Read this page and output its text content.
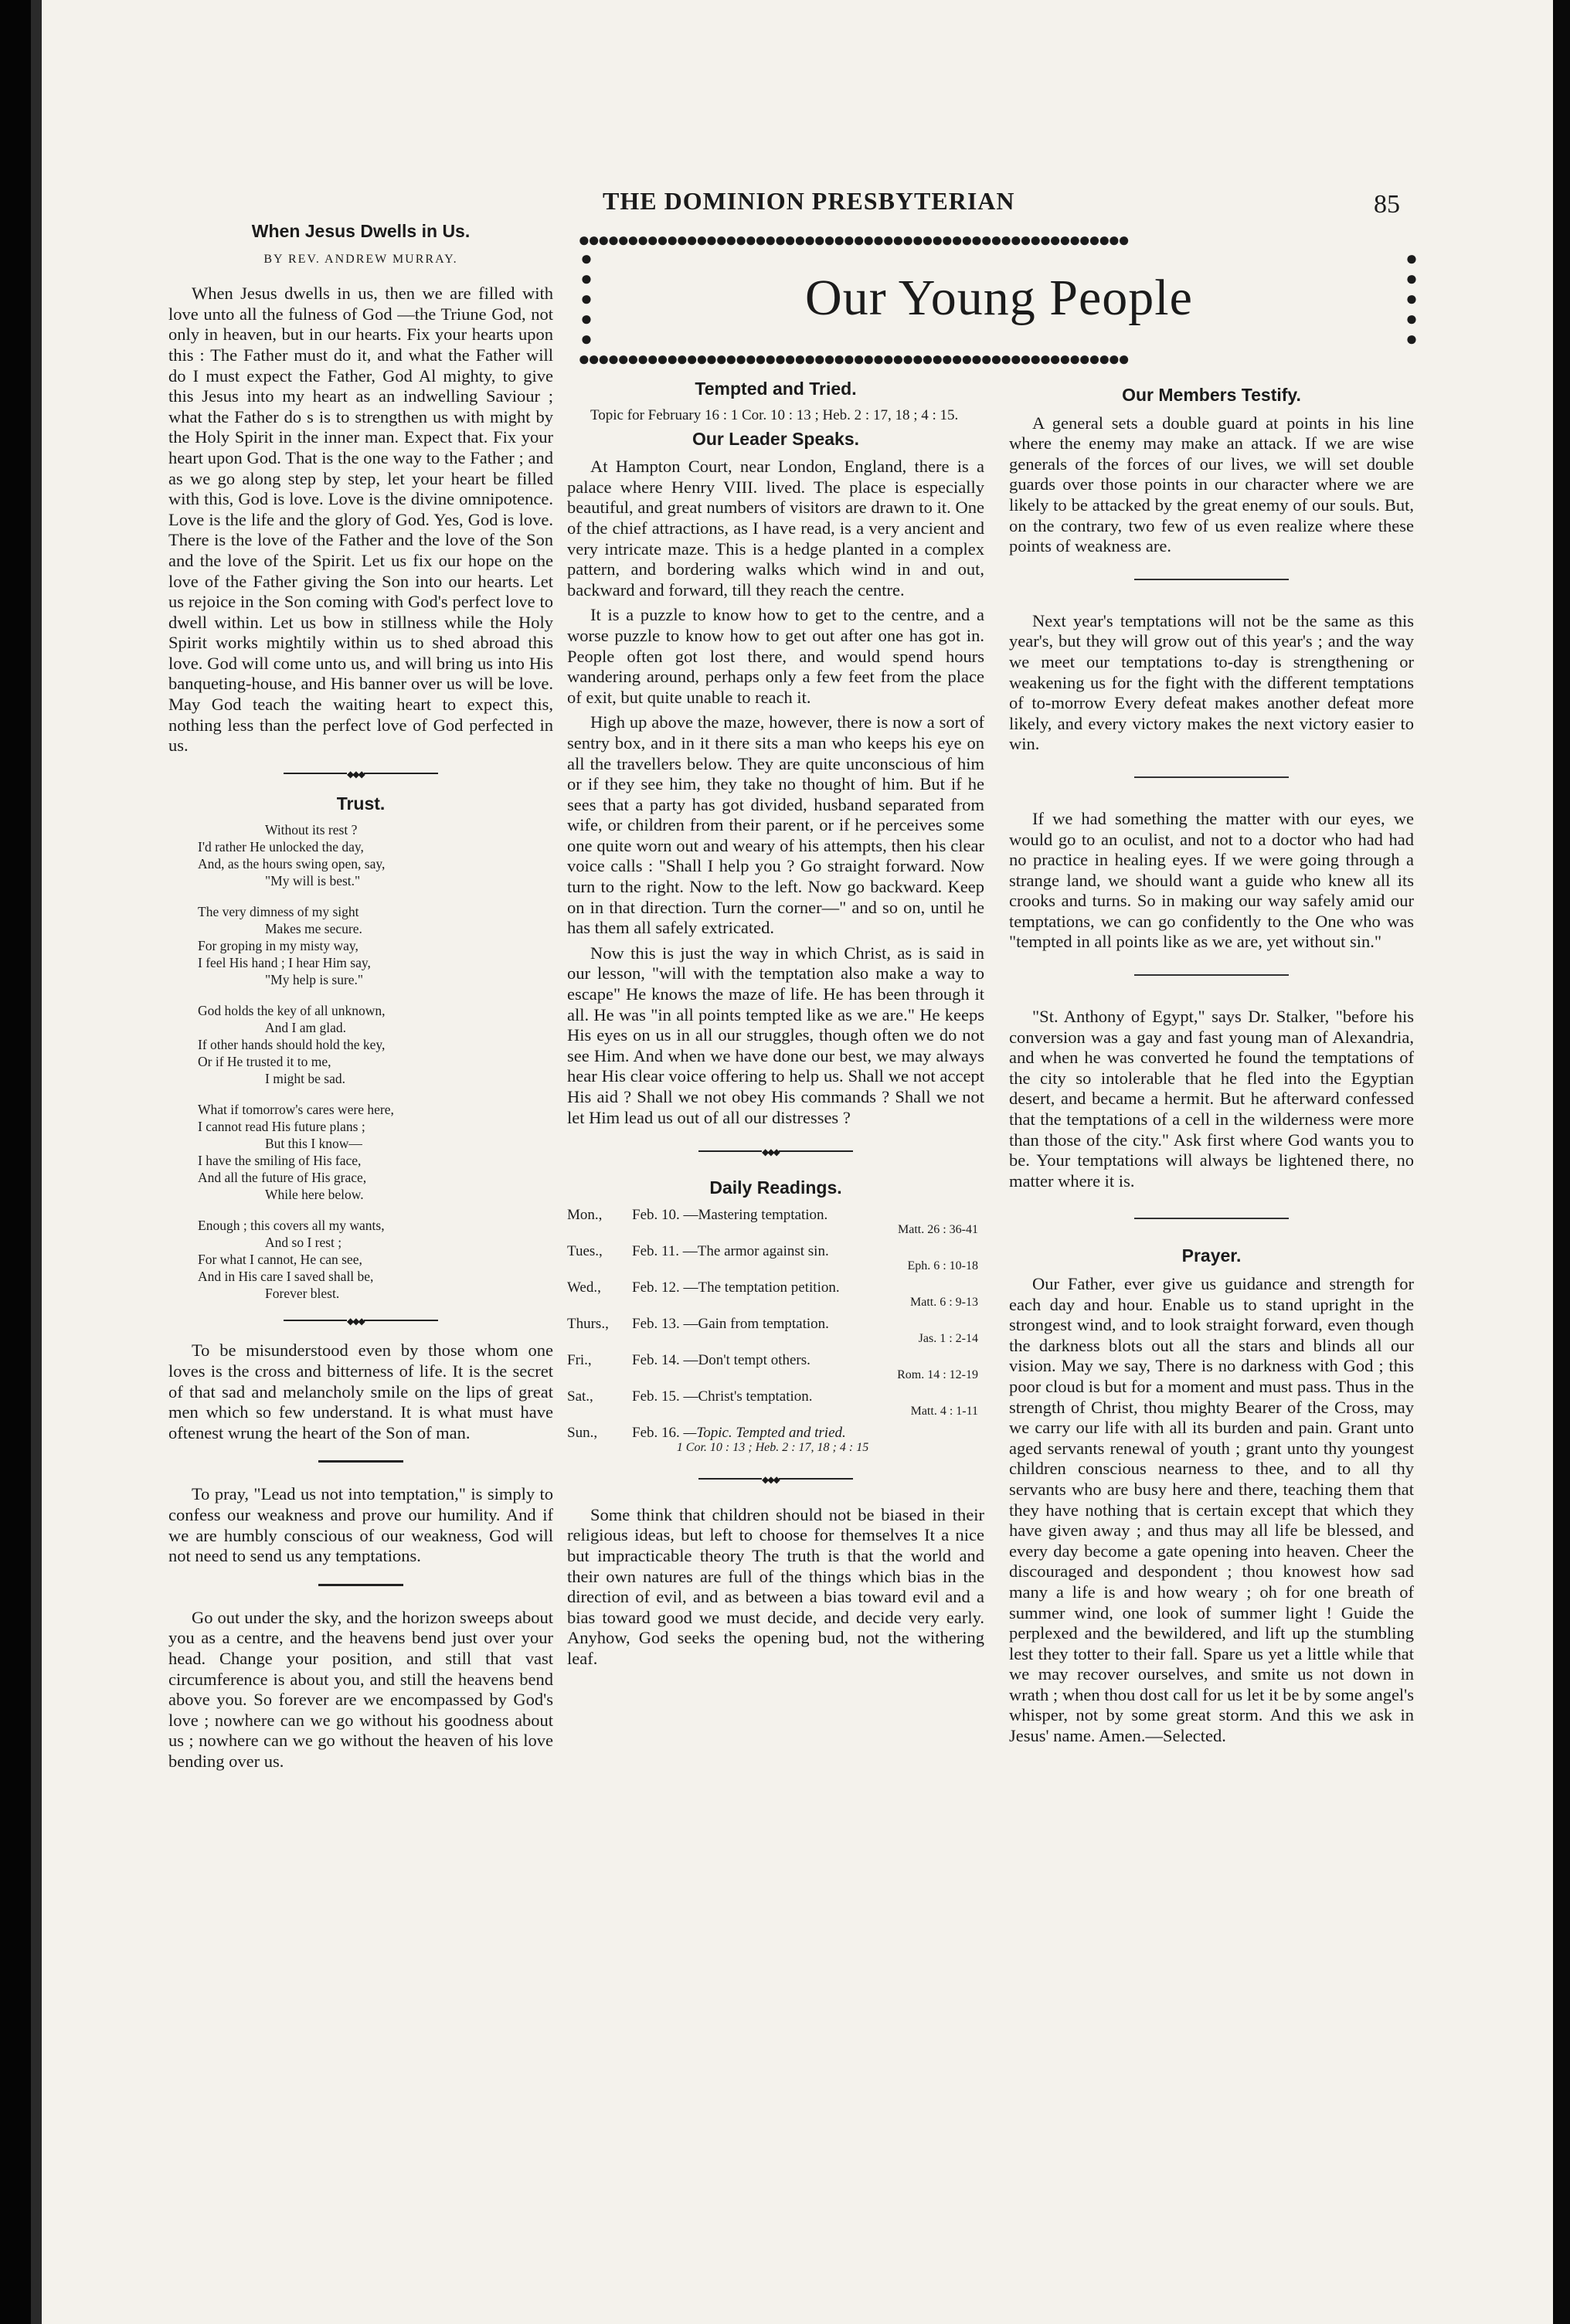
THE DOMINION PRESBYTERIAN	85
●●●●●●●●●●●●●●●●●●●●●●●●●●●●●●●●●●●●●●●●●●●●●●●●●●●●●●●●
●●●●●●●●●●●●●●●●●●●●●●●●●●●●●●●●●●●●●●●●●●●●●●●●●●●●●●●●
●
●
●
●
●
●
●
●
●
●
Our Young People
When Jesus Dwells in Us.
BY REV. ANDREW MURRAY.

When Jesus dwells in us, then we are filled with love unto all the fulness of God —the Triune God, not only in heaven, but in our hearts. Fix your hearts upon this : The Father must do it, and what the Father will do I must expect the Father, God Al mighty, to give this Jesus into my heart as an indwelling Saviour ; what the Father do s is to strengthen us with might by the Holy Spirit in the inner man. Expect that. Fix your heart upon God. That is the one way to the Father ; and as we go along step by step, let your heart be filled with this, God is love. Love is the divine omnipotence. Love is the life and the glory of God. Yes, God is love. There is the love of the Father and the love of the Son and the love of the Spirit. Let us fix our hope on the love of the Father giving the Son into our hearts. Let us rejoice in the Son coming with God's perfect love to dwell within. Let us bow in stillness while the Holy Spirit works mightily within us to shed abroad this love. God will come unto us, and will bring us into His banqueting-house, and His banner over us will be love. May God teach the waiting heart to expect this, nothing less than the perfect love of God perfected in us.

◆◆◆
Trust.
Without its rest ?
I'd rather He unlocked the day,
And, as the hours swing open, say,
"My will is best."
The very dimness of my sight
Makes me secure.
For groping in my misty way,
I feel His hand ; I hear Him say,
"My help is sure."
God holds the key of all unknown,
And I am glad.
If other hands should hold the key,
Or if He trusted it to me,
I might be sad.
What if tomorrow's cares were here,
I cannot read His future plans ;
But this I know—
I have the smiling of His face,
And all the future of His grace,
While here below.
Enough ; this covers all my wants,
And so I rest ;
For what I cannot, He can see,
And in His care I saved shall be,
Forever blest.
◆◆◆

To be misunderstood even by those whom one loves is the cross and bitterness of life. It is the secret of that sad and melancholy smile on the lips of great men which so few understand. It is what must have oftenest wrung the heart of the Son of man.

To pray, "Lead us not into temptation," is simply to confess our weakness and prove our humility. And if we are humbly conscious of our weakness, God will not need to send us any temptations.

Go out under the sky, and the horizon sweeps about you as a centre, and the heavens bend just over your head. Change your position, and still that vast circumference is about you, and still the heavens bend above you. So forever are we encompassed by God's love ; nowhere can we go without his goodness about us ; nowhere can we go without the heaven of his love bending over us.

Tempted and Tried.

Topic for February 16 : 1 Cor. 10 : 13 ; Heb. 2 : 17, 18 ; 4 : 15.

Our Leader Speaks.

At Hampton Court, near London, England, there is a palace where Henry VIII. lived. The place is especially beautiful, and great numbers of visitors are drawn to it. One of the chief attractions, as I have read, is a very ancient and very intricate maze. This is a hedge planted in a complex pattern, and bordering walks which wind in and out, backward and forward, till they reach the centre.

It is a puzzle to know how to get to the centre, and a worse puzzle to know how to get out after one has got in. People often got lost there, and would spend hours wandering around, perhaps only a few feet from the place of exit, but quite unable to reach it.

High up above the maze, however, there is now a sort of sentry box, and in it there sits a man who keeps his eye on all the travellers below. They are quite unconscious of him or if they see him, they take no thought of him. But if he sees that a party has got divided, husband separated from wife, or children from their parent, or if he perceives some one quite worn out and weary of his attempts, then his clear voice calls : "Shall I help you ? Go straight forward. Now turn to the right. Now to the left. Now go backward. Keep on in that direction. Turn the corner—" and so on, until he has them all safely extricated.

Now this is just the way in which Christ, as is said in our lesson, "will with the temptation also make a way to escape" He knows the maze of life. He has been through it all. He was "in all points tempted like as we are." He keeps His eyes on us in all our struggles, though often we do not see Him. And when we have done our best, we may always hear His clear voice offering to help us. Shall we not accept His aid ? Shall we not obey His commands ? Shall we not let Him lead us out of all our distresses ?

◆◆◆
Daily Readings.
Mon., Feb. 10. —Mastering temptation.
Matt. 26 : 36-41
Tues., Feb. 11. —The armor against sin.
Eph. 6 : 10-18
Wed., Feb. 12. —The temptation petition.
Matt. 6 : 9-13
Thurs., Feb. 13. —Gain from temptation.
Jas. 1 : 2-14
Fri.,	Feb. 14. —Don't tempt others.
Rom. 14 : 12-19
Sat.,	Feb. 15. —Christ's temptation.
Matt. 4 : 1-11
Sun., Feb. 16. —Topic. Tempted and tried.
1 Cor. 10 : 13 ; Heb. 2 : 17, 18 ; 4 : 15
◆◆◆

Some think that children should not be biased in their religious ideas, but left to choose for themselves It a nice but impracticable theory The truth is that the world and their own natures are full of the things which bias in the direction of evil, and as between a bias toward evil and a bias toward good we must decide, and decide very early. Anyhow, God seeks the opening bud, not the withering leaf.

Our Members Testify.

A general sets a double guard at points in his line where the enemy may make an attack. If we are wise generals of the forces of our lives, we will set double guards over those points in our character where we are likely to be attacked by the great enemy of our souls. But, on the contrary, two few of us even realize where these points of weakness are.

Next year's temptations will not be the same as this year's, but they will grow out of this year's ; and the way we meet our temptations to-day is strengthening or weakening us for the fight with the different temptations of to-morrow Every defeat makes another defeat more likely, and every victory makes the next victory easier to win.

If we had something the matter with our eyes, we would go to an oculist, and not to a doctor who had had no practice in healing eyes. If we were going through a strange land, we should want a guide who knew all its crooks and turns. So in making our way safely amid our temptations, we can go confidently to the One who was "tempted in all points like as we are, yet without sin."

"St. Anthony of Egypt," says Dr. Stalker, "before his conversion was a gay and fast young man of Alexandria, and when he was converted he found the temptations of the city so intolerable that he fled into the Egyptian desert, and became a hermit. But he afterward confessed that the temptations of a cell in the wilderness were more than those of the city." Ask first where God wants you to be. Your temptations will always be lightened there, no matter where it is.

Prayer.

Our Father, ever give us guidance and strength for each day and hour. Enable us to stand upright in the strongest wind, and to look straight forward, even though the darkness blots out all the stars and blinds all our vision. May we say, There is no darkness with God ; this poor cloud is but for a moment and must pass. Thus in the strength of Christ, thou mighty Bearer of the Cross, may we carry our life with all its burden and pain. Grant unto aged servants renewal of youth ; grant unto thy youngest children conscious nearness to thee, and to all thy servants who are busy here and there, teaching them that they have nothing that is certain except that which they have given away ; and thus may all life be blessed, and every day become a gate opening into heaven. Cheer the discouraged and despondent ; thou knowest how sad many a life is and how weary ; oh for one breath of summer wind, one look of summer light ! Guide the perplexed and the bewildered, and lift up the stumbling lest they totter to their fall. Spare us yet a little while that we may recover ourselves, and smite us not down in wrath ; when thou dost call for us let it be by some angel's whisper, not by some great storm. And this we ask in Jesus' name. Amen.—Selected.
